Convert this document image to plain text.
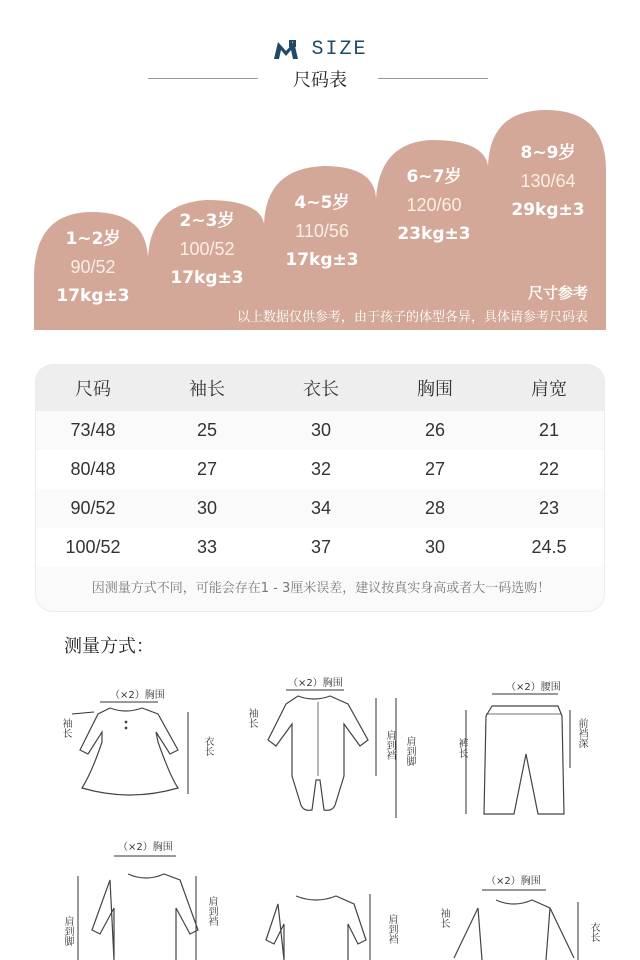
' SIZE
尺码表
1~2岁
90/52
17kg±3
2~3岁
100/52
17kg±3
4~5岁
110/56
17kg±3
6~7岁
120/60
23kg±3
8~9岁
130/64
29kg±3
尺寸参考
以上数据仅供参考，由于孩子的体型各异，具体请参考尺码表
尺码	袖长	衣长	胸围	肩宽
73/48	25	30	26	21
80/48	27	32	27	22
90/52	30	34	28	23
100/52	33	37	30	24.5
因测量方式不同，可能会存在1 - 3厘米误差，建议按真实身高或者大一码选购！
测量方式：
（×2）胸围
袖长
衣长
（×2）胸围
袖长
肩到裆 肩到脚
（×2）腰围
裤长	前裆深
（×2）胸围
肩到脚
肩到裆
肩到裆
（×2）胸围
袖长
衣长
